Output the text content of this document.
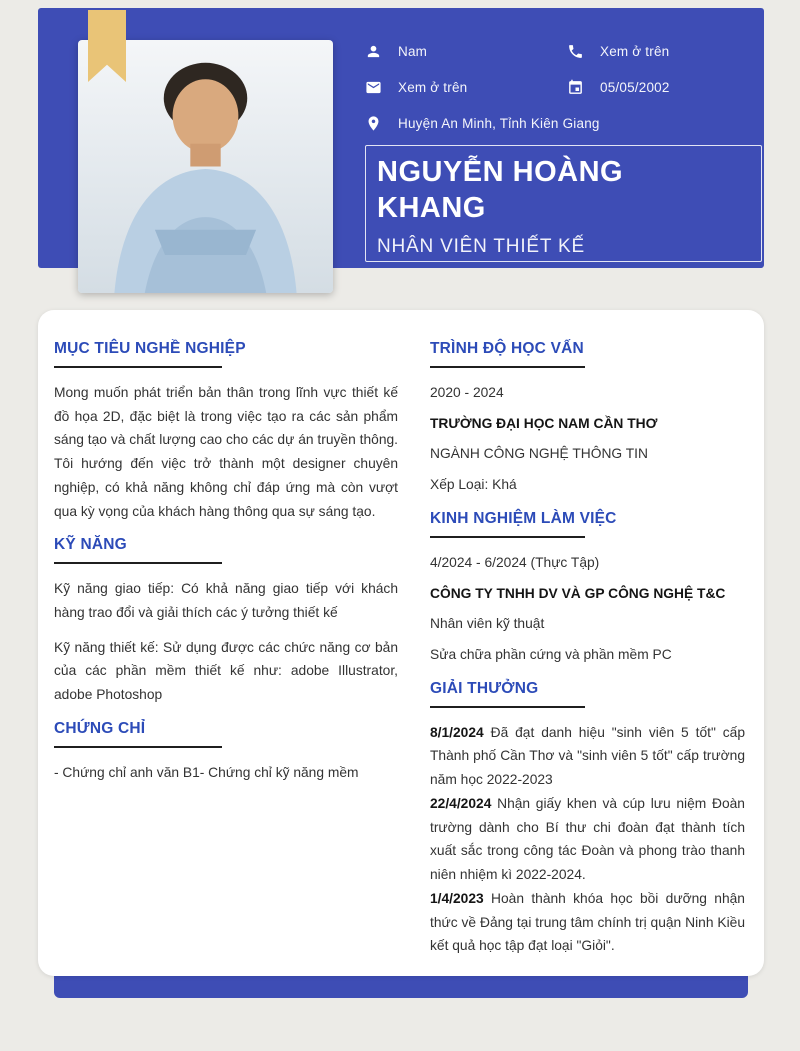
Nam	Xem ở trên
Xem ở trên	05/05/2002
Huyện An Minh, Tỉnh Kiên Giang
NGUYỄN HOÀNG KHANG
NHÂN VIÊN THIẾT KẾ
MỤC TIÊU NGHỀ NGHIỆP

Mong muốn phát triển bản thân trong lĩnh vực thiết kế đồ họa 2D, đặc biệt là trong việc tạo ra các sản phẩm sáng tạo và chất lượng cao cho các dự án truyền thông. Tôi hướng đến việc trở thành một designer chuyên nghiệp, có khả năng không chỉ đáp ứng mà còn vượt qua kỳ vọng của khách hàng thông qua sự sáng tạo.

KỸ NĂNG

Kỹ năng giao tiếp: Có khả năng giao tiếp với khách hàng trao đổi và giải thích các ý tưởng thiết kế

Kỹ năng thiết kế: Sử dụng được các chức năng cơ bản của các phần mềm thiết kế như: adobe Illustrator, adobe Photoshop

CHỨNG CHỈ

- Chứng chỉ anh văn B1- Chứng chỉ kỹ năng mềm

TRÌNH ĐỘ HỌC VẤN

2020 - 2024

TRƯỜNG ĐẠI HỌC NAM CẦN THƠ

NGÀNH CÔNG NGHỆ THÔNG TIN

Xếp Loại: Khá

KINH NGHIỆM LÀM VIỆC

4/2024 - 6/2024 (Thực Tập)

CÔNG TY TNHH DV VÀ GP CÔNG NGHỆ T&C

Nhân viên kỹ thuật

Sửa chữa phần cứng và phần mềm PC

GIẢI THƯỞNG

8/1/2024 Đã đạt danh hiệu "sinh viên 5 tốt" cấp Thành phố Cần Thơ và "sinh viên 5 tốt" cấp trường năm học 2022-2023

22/4/2024 Nhận giấy khen và cúp lưu niệm Đoàn trường dành cho Bí thư chi đoàn đạt thành tích xuất sắc trong công tác Đoàn và phong trào thanh niên nhiệm kì 2022-2024.

1/4/2023 Hoàn thành khóa học bồi dưỡng nhận thức về Đảng tại trung tâm chính trị quận Ninh Kiều kết quả học tập đạt loại "Giỏi".
